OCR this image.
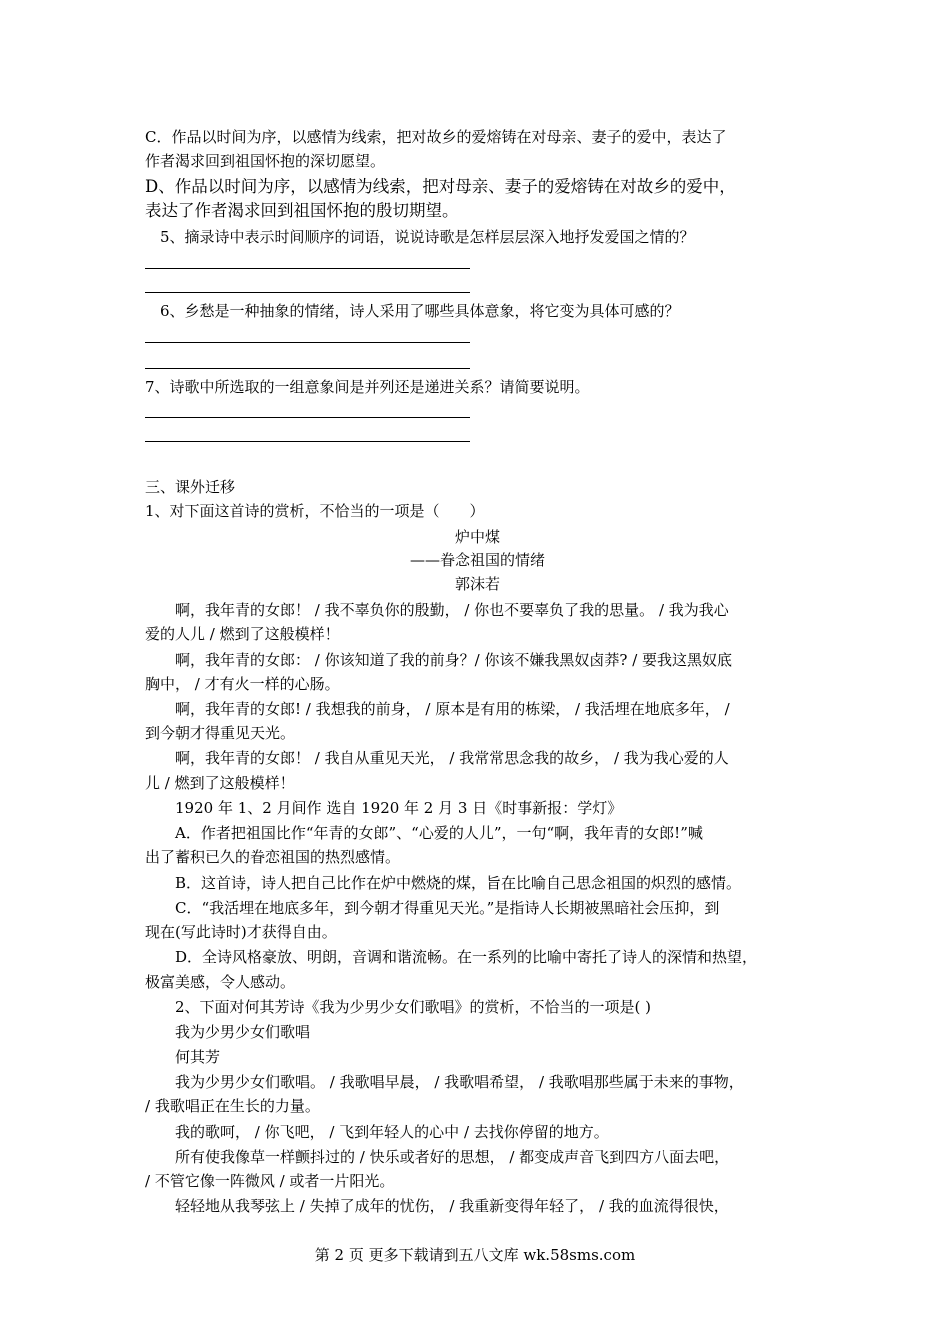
C．作品以时间为序，以感情为线索，把对故乡的爱熔铸在对母亲、妻子的爱中，表达了
作者渴求回到祖国怀抱的深切愿望。
D、作品以时间为序，以感情为线索，把对母亲、妻子的爱熔铸在对故乡的爱中，
表达了作者渴求回到祖国怀抱的殷切期望。
5、摘录诗中表示时间顺序的词语，说说诗歌是怎样层层深入地抒发爱国之情的？
6、乡愁是一种抽象的情绪，诗人采用了哪些具体意象，将它变为具体可感的？
7、诗歌中所选取的一组意象间是并列还是递进关系？请简要说明。
三、课外迁移
1、对下面这首诗的赏析，不恰当的一项是（　　）
炉中煤
——眷念祖国的情绪
郭沫若
　　啊，我年青的女郎！ / 我不辜负你的殷勤， / 你也不要辜负了我的思量。 / 我为我心
爱的人儿 / 燃到了这般模样！
　　啊，我年青的女郎： / 你该知道了我的前身？/ 你该不嫌我黑奴卤莽? / 要我这黑奴底
胸中， / 才有火一样的心肠。
　　啊，我年青的女郎! / 我想我的前身， / 原本是有用的栋梁， / 我活埋在地底多年， /
到今朝才得重见天光。
　　啊，我年青的女郎！ / 我自从重见天光， / 我常常思念我的故乡， / 我为我心爱的人
儿 / 燃到了这般模样！
　　1920 年 1、2 月间作 选自 1920 年 2 月 3 日《时事新报：学灯》
　　A．作者把祖国比作“年青的女郎”、“心爱的人儿”，一句“啊，我年青的女郎!”喊
出了蓄积已久的眷恋祖国的热烈感情。
　　B．这首诗，诗人把自己比作在炉中燃烧的煤，旨在比喻自己思念祖国的炽烈的感情。
　　C．“我活埋在地底多年，到今朝才得重见天光。”是指诗人长期被黑暗社会压抑，到
现在(写此诗时)才获得自由。
　　D．全诗风格豪放、明朗，音调和谐流畅。在一系列的比喻中寄托了诗人的深情和热望，
极富美感，令人感动。
　　2、下面对何其芳诗《我为少男少女们歌唱》的赏析，不恰当的一项是( )
　　我为少男少女们歌唱
　　何其芳
　　我为少男少女们歌唱。 / 我歌唱早晨， / 我歌唱希望， / 我歌唱那些属于未来的事物，
/ 我歌唱正在生长的力量。
　　我的歌呵， / 你飞吧， / 飞到年轻人的心中 / 去找你停留的地方。
　　所有使我像草一样颤抖过的 / 快乐或者好的思想， / 都变成声音飞到四方八面去吧，
/ 不管它像一阵微风 / 或者一片阳光。
　　轻轻地从我琴弦上 / 失掉了成年的忧伤， / 我重新变得年轻了， / 我的血流得很快，
第 2 页 更多下载请到五八文库 wk.58sms.com
